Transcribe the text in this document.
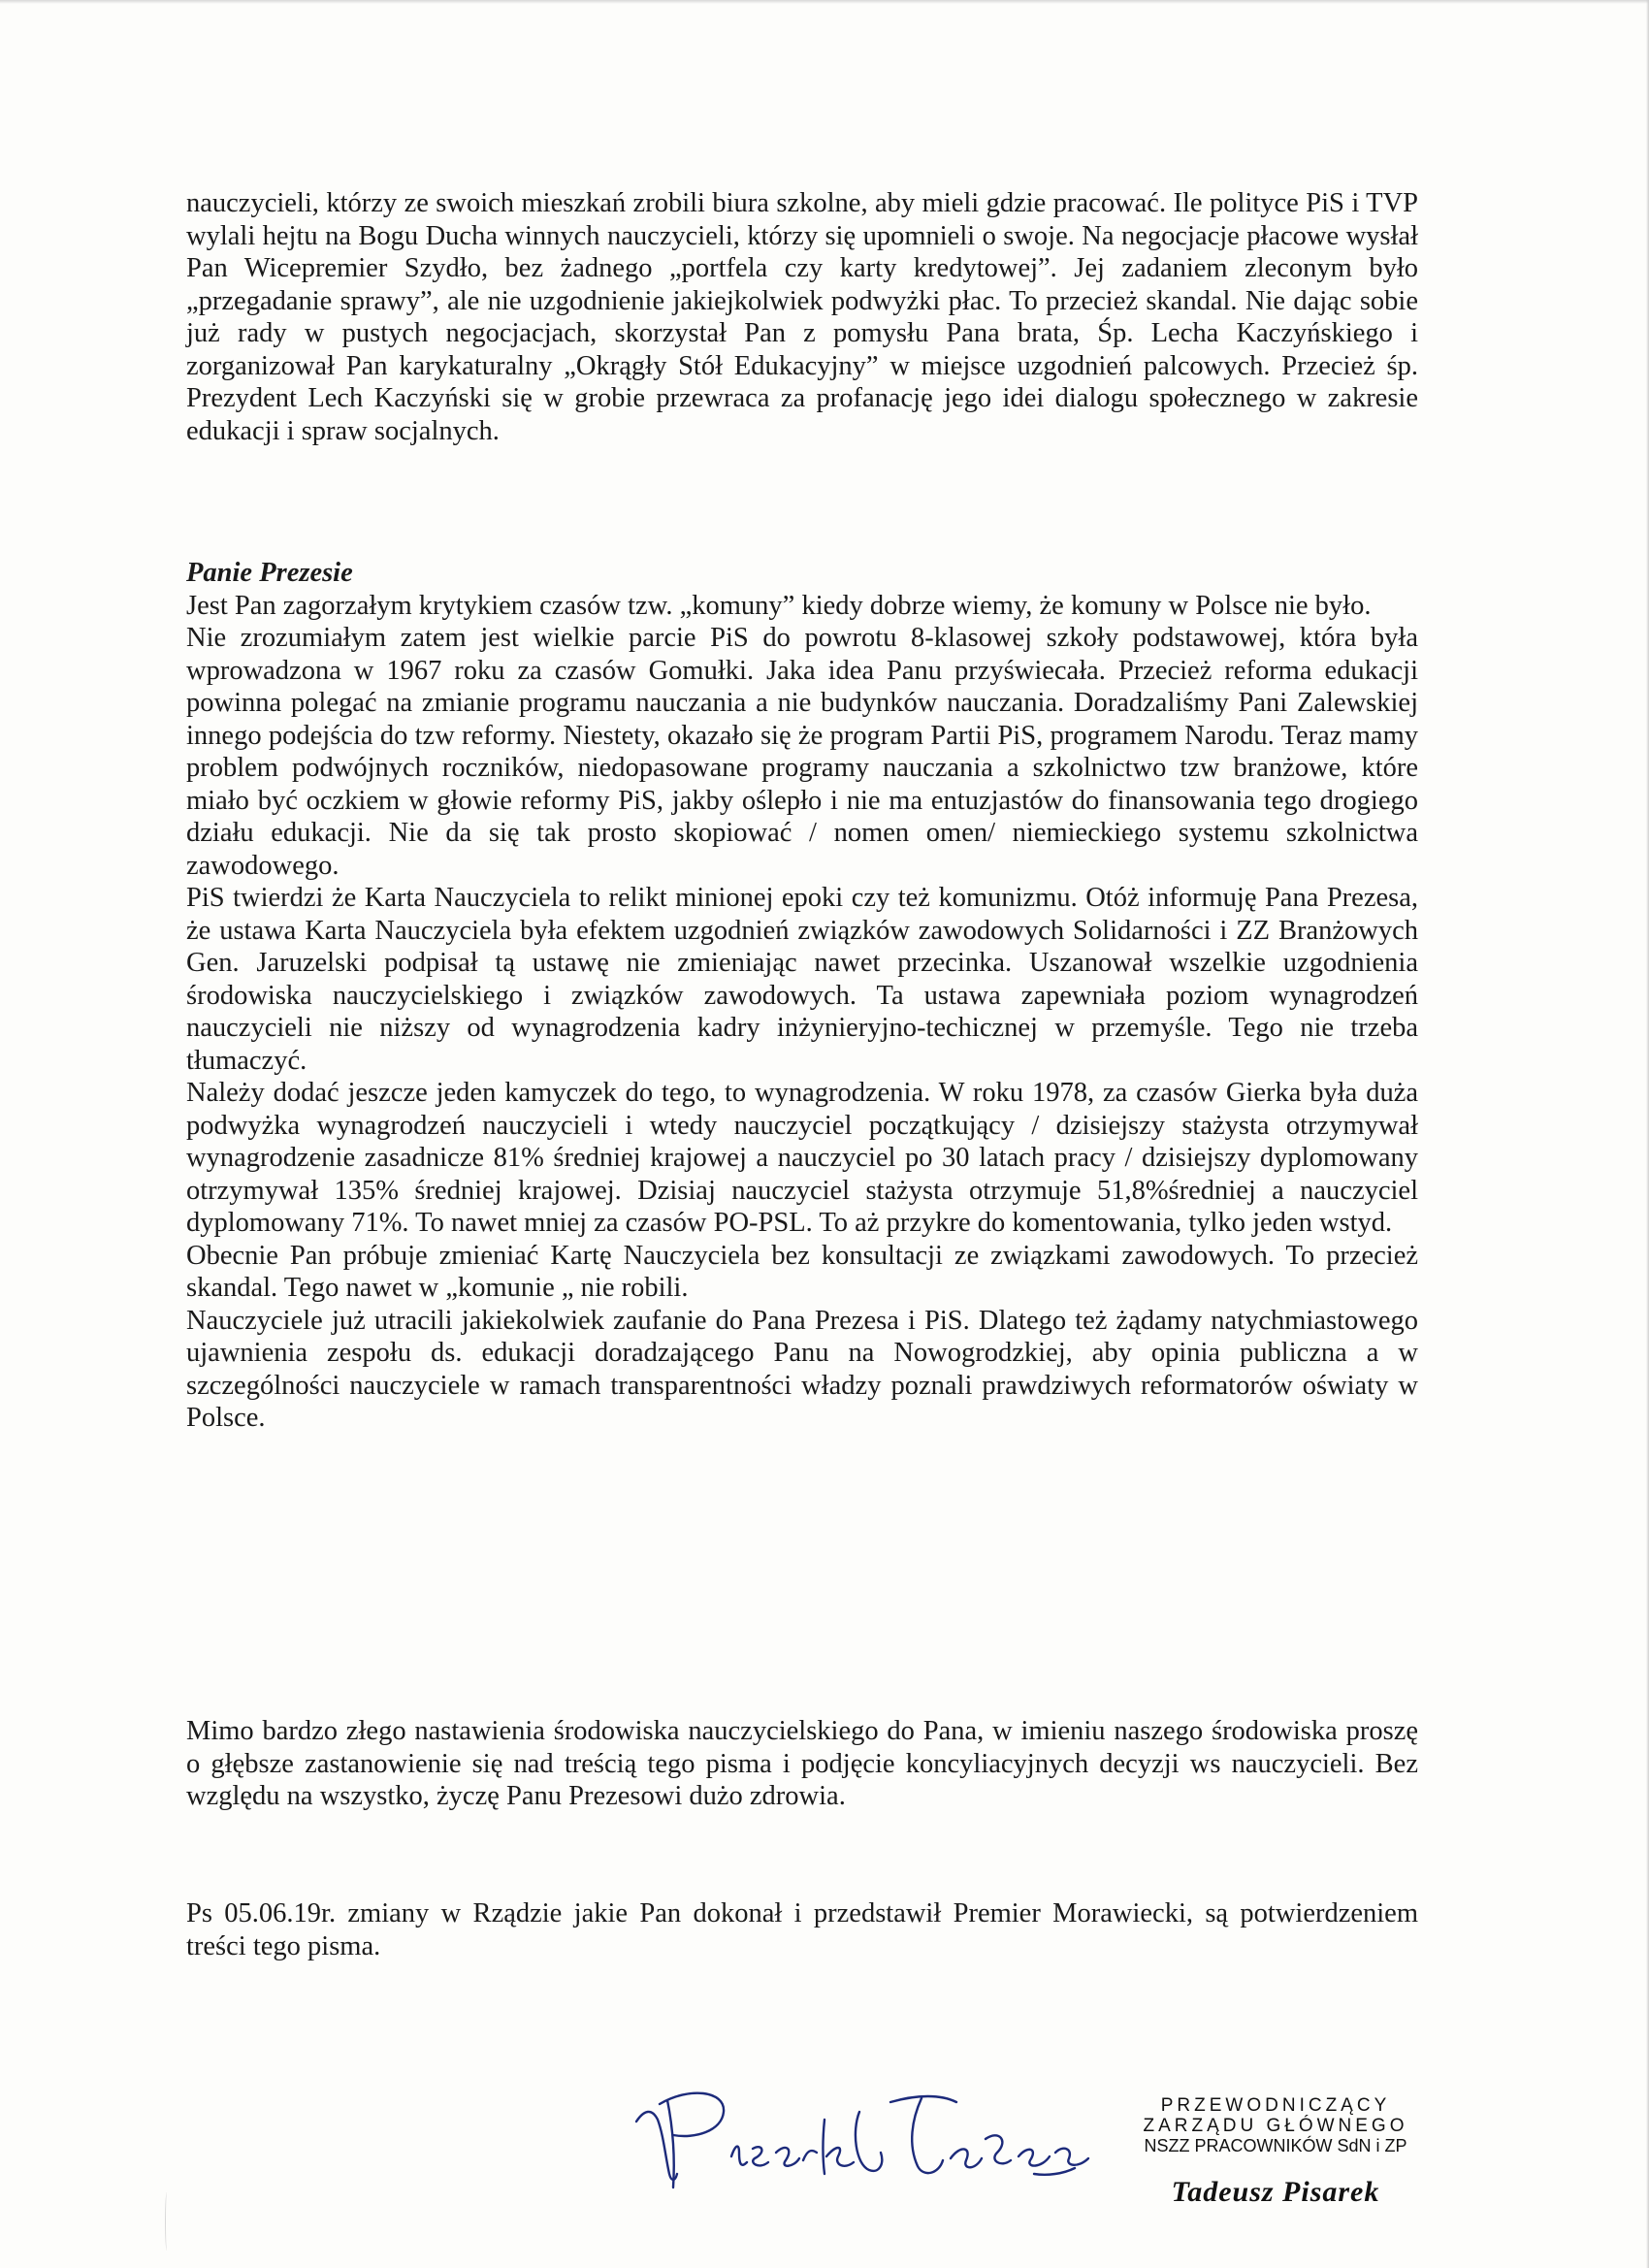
nauczycieli, którzy ze swoich mieszkań zrobili biura szkolne, aby mieli gdzie pracować. Ile polityce PiS i TVP wylali hejtu na Bogu Ducha winnych nauczycieli, którzy się upomnieli o swoje. Na negocjacje płacowe wysłał Pan Wicepremier Szydło, bez żadnego „portfela czy karty kredytowej”. Jej zadaniem zleconym było „przegadanie sprawy”, ale nie uzgodnienie jakiejkolwiek podwyżki płac. To przecież skandal. Nie dając sobie już rady w pustych negocjacjach, skorzystał Pan z pomysłu Pana brata, Śp. Lecha Kaczyńskiego i zorganizował Pan karykaturalny „Okrągły Stół Edukacyjny” w miejsce uzgodnień palcowych. Przecież śp. Prezydent Lech Kaczyński się w grobie przewraca za profanację jego idei dialogu społecznego w zakresie edukacji i spraw socjalnych.

Panie Prezesie

Jest Pan zagorzałym krytykiem czasów tzw. „komuny” kiedy dobrze wiemy, że komuny w Polsce nie było.

Nie zrozumiałym zatem jest wielkie parcie PiS do powrotu 8-klasowej szkoły podstawowej, która była wprowadzona w 1967 roku za czasów Gomułki. Jaka idea Panu przyświecała. Przecież reforma edukacji powinna polegać na zmianie programu nauczania a nie budynków nauczania. Doradzaliśmy Pani Zalewskiej innego podejścia do tzw reformy. Niestety, okazało się że program Partii PiS, programem Narodu. Teraz mamy problem podwójnych roczników, niedopasowane programy nauczania a szkolnictwo tzw branżowe, które miało być oczkiem w głowie reformy PiS, jakby oślepło i nie ma entuzjastów do finansowania tego drogiego działu edukacji. Nie da się tak prosto skopiować / nomen omen/ niemieckiego systemu szkolnictwa zawodowego.

PiS twierdzi że Karta Nauczyciela to relikt minionej epoki czy też komunizmu. Otóż informuję Pana Prezesa, że ustawa Karta Nauczyciela była efektem uzgodnień związków zawodowych Solidarności i ZZ Branżowych Gen. Jaruzelski podpisał tą ustawę nie zmieniając nawet przecinka. Uszanował wszelkie uzgodnienia środowiska nauczycielskiego i związków zawodowych. Ta ustawa zapewniała poziom wynagrodzeń nauczycieli nie niższy od wynagrodzenia kadry inżynieryjno-techicznej w przemyśle. Tego nie trzeba tłumaczyć.

Należy dodać jeszcze jeden kamyczek do tego, to wynagrodzenia. W roku 1978, za czasów Gierka była duża podwyżka wynagrodzeń nauczycieli i wtedy nauczyciel początkujący / dzisiejszy stażysta otrzymywał wynagrodzenie zasadnicze 81% średniej krajowej a nauczyciel po 30 latach pracy / dzisiejszy dyplomowany otrzymywał 135% średniej krajowej. Dzisiaj nauczyciel stażysta otrzymuje 51,8%średniej a nauczyciel dyplomowany 71%. To nawet mniej za czasów PO-PSL. To aż przykre do komentowania, tylko jeden wstyd.

Obecnie Pan próbuje zmieniać Kartę Nauczyciela bez konsultacji ze związkami zawodowych. To przecież skandal. Tego nawet w „komunie „ nie robili.

Nauczyciele już utracili jakiekolwiek zaufanie do Pana Prezesa i PiS. Dlatego też żądamy natychmiastowego ujawnienia zespołu ds. edukacji doradzającego Panu na Nowogrodzkiej, aby opinia publiczna a w szczególności nauczyciele w ramach transparentności władzy poznali prawdziwych reformatorów oświaty w Polsce.

Mimo bardzo złego nastawienia środowiska nauczycielskiego do Pana, w imieniu naszego środowiska proszę o głębsze zastanowienie się nad treścią tego pisma i podjęcie koncyliacyjnych decyzji ws nauczycieli. Bez względu na wszystko, życzę Panu Prezesowi dużo zdrowia.

Ps 05.06.19r. zmiany w Rządzie jakie Pan dokonał i przedstawił Premier Morawiecki, są potwierdzeniem treści tego pisma.

PRZEWODNICZĄCY
ZARZĄDU GŁÓWNEGO
NSZZ PRACOWNIKÓW SdN i ZP
Tadeusz Pisarek
